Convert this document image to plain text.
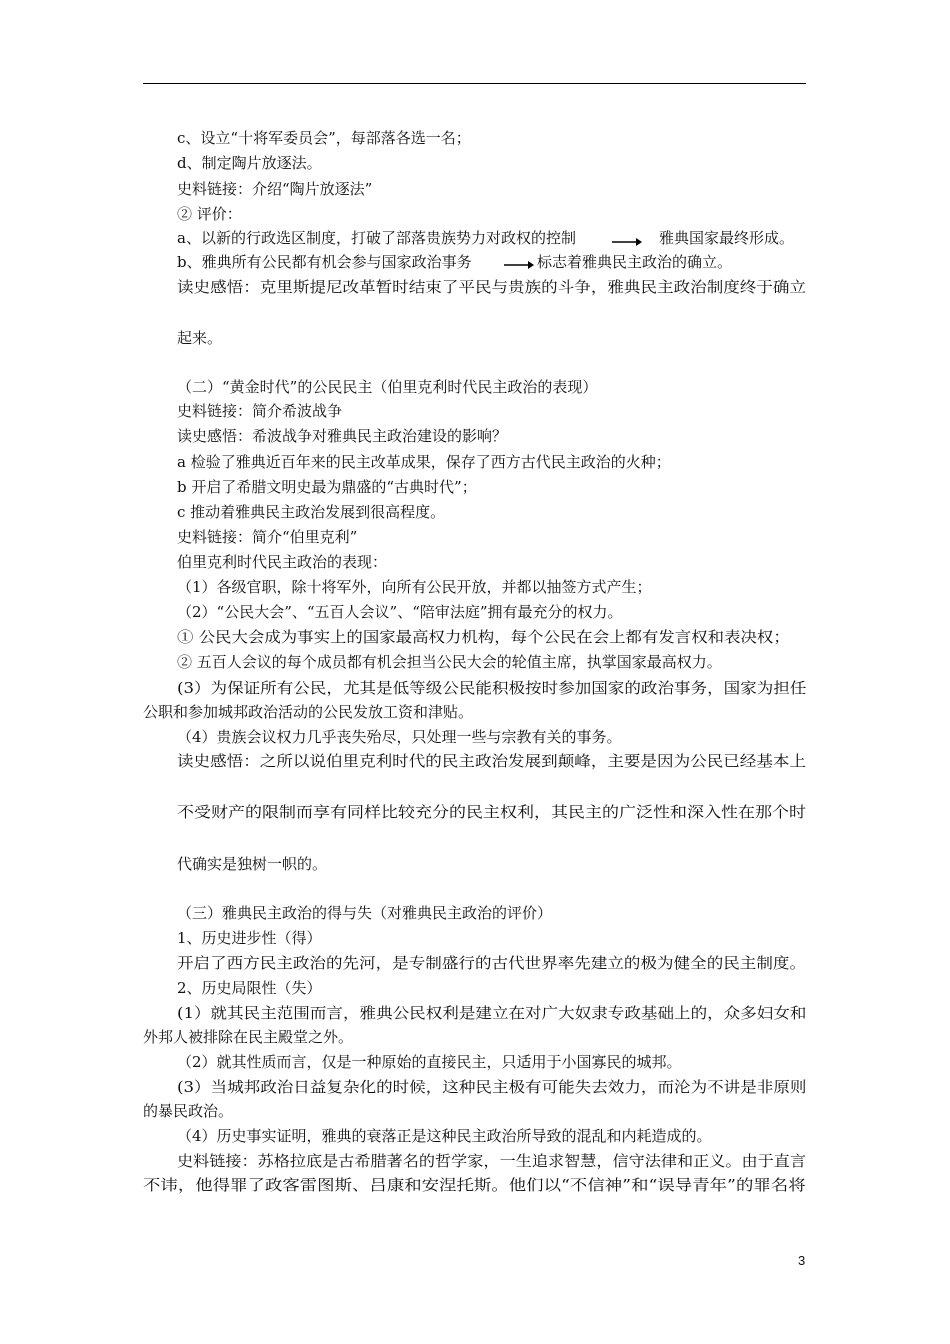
c、设立“十将军委员会”，每部落各选一名；
d、制定陶片放逐法。
史料链接：介绍“陶片放逐法”
② 评价：
a、以新的行政选区制度，打破了部落贵族势力对政权的控制	雅典国家最终形成。
b、雅典所有公民都有机会参与国家政治事务	标志着雅典民主政治的确立。
读史感悟：克里斯提尼改革暂时结束了平民与贵族的斗争，雅典民主政治制度终于确立
起来。
（二）“黄金时代”的公民民主（伯里克利时代民主政治的表现）
史料链接：简介希波战争
读史感悟：希波战争对雅典民主政治建设的影响？
a 检验了雅典近百年来的民主改革成果，保存了西方古代民主政治的火种；
b 开启了希腊文明史最为鼎盛的“古典时代”；
c 推动着雅典民主政治发展到很高程度。
史料链接：简介“伯里克利”
伯里克利时代民主政治的表现：
（1）各级官职，除十将军外，向所有公民开放，并都以抽签方式产生；
（2）“公民大会”、“五百人会议”、“陪审法庭”拥有最充分的权力。
① 公民大会成为事实上的国家最高权力机构，每个公民在会上都有发言权和表决权；
② 五百人会议的每个成员都有机会担当公民大会的轮值主席，执掌国家最高权力。
(3）为保证所有公民，尤其是低等级公民能积极按时参加国家的政治事务，国家为担任
公职和参加城邦政治活动的公民发放工资和津贴。
（4）贵族会议权力几乎丧失殆尽，只处理一些与宗教有关的事务。
读史感悟：之所以说伯里克利时代的民主政治发展到颠峰，主要是因为公民已经基本上
不受财产的限制而享有同样比较充分的民主权利，其民主的广泛性和深入性在那个时
代确实是独树一帜的。
（三）雅典民主政治的得与失（对雅典民主政治的评价）
1、历史进步性（得）
开启了西方民主政治的先河，是专制盛行的古代世界率先建立的极为健全的民主制度。
2、历史局限性（失）
(1）就其民主范围而言，雅典公民权利是建立在对广大奴隶专政基础上的，众多妇女和
外邦人被排除在民主殿堂之外。
（2）就其性质而言，仅是一种原始的直接民主，只适用于小国寡民的城邦。
(3）当城邦政治日益复杂化的时候，这种民主极有可能失去效力，而沦为不讲是非原则
的暴民政治。
（4）历史事实证明，雅典的衰落正是这种民主政治所导致的混乱和内耗造成的。
史料链接：苏格拉底是古希腊著名的哲学家，一生追求智慧，信守法律和正义。由于直言
不讳，他得罪了政客雷图斯、吕康和安涅托斯。他们以“不信神”和“误导青年”的罪名将
3
